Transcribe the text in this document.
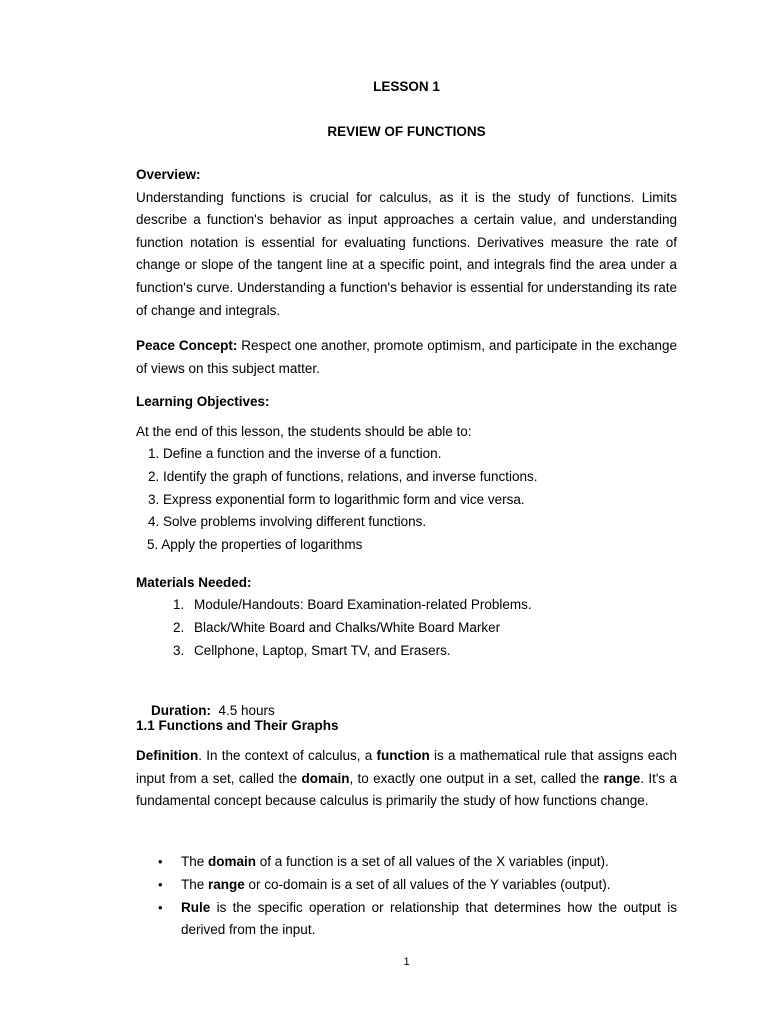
LESSON 1
REVIEW OF FUNCTIONS
Overview:
Understanding functions is crucial for calculus, as it is the study of functions. Limits describe a function's behavior as input approaches a certain value, and understanding function notation is essential for evaluating functions. Derivatives measure the rate of change or slope of the tangent line at a specific point, and integrals find the area under a function's curve. Understanding a function's behavior is essential for understanding its rate of change and integrals.
Peace Concept: Respect one another, promote optimism, and participate in the exchange of views on this subject matter.
Learning Objectives:
At the end of this lesson, the students should be able to:
1. Define a function and the inverse of a function.
2. Identify the graph of functions, relations, and inverse functions.
3. Express exponential form to logarithmic form and vice versa.
4. Solve problems involving different functions.
5. Apply the properties of logarithms
Materials Needed:
1. Module/Handouts: Board Examination-related Problems.
2. Black/White Board and Chalks/White Board Marker
3. Cellphone, Laptop, Smart TV, and Erasers.

Duration:  4.5 hours

1.1 Functions and Their Graphs
Definition. In the context of calculus, a function is a mathematical rule that assigns each input from a set, called the domain, to exactly one output in a set, called the range. It's a fundamental concept because calculus is primarily the study of how functions change.
• The domain of a function is a set of all values of the X variables (input).
• The range or co-domain is a set of all values of the Y variables (output).
• Rule is the specific operation or relationship that determines how the output is derived from the input.
1
